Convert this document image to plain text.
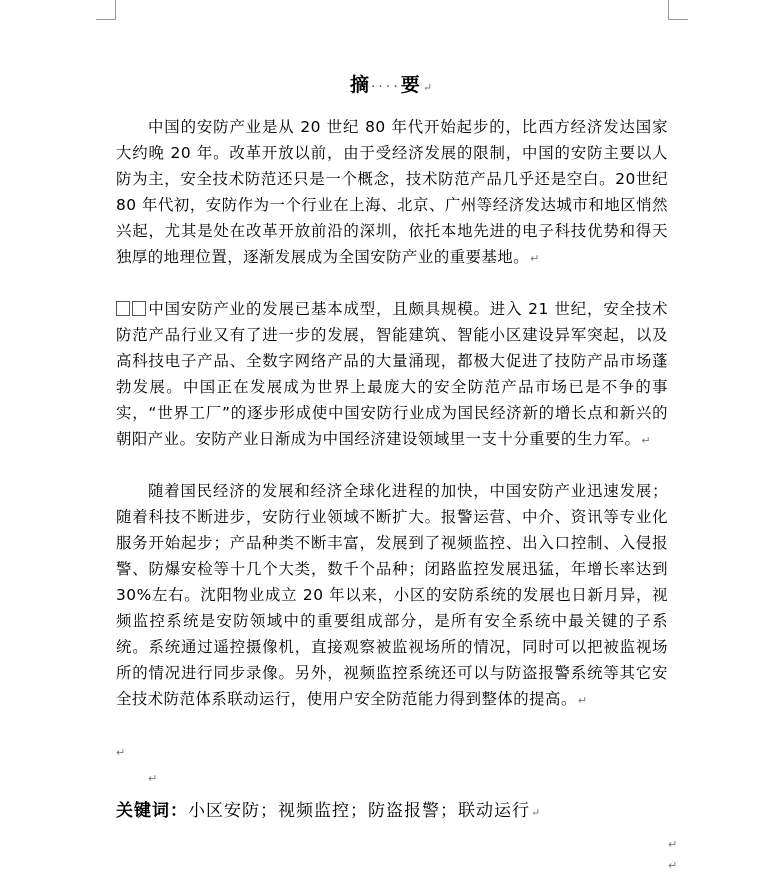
摘····要↵

中国的安防产业是从 20 世纪 80 年代开始起步的，比西方经济发达国家大约晚 20 年。改革开放以前，由于受经济发展的限制，中国的安防主要以人防为主，安全技术防范还只是一个概念，技术防范产品几乎还是空白。20世纪 80 年代初，安防作为一个行业在上海、北京、广州等经济发达城市和地区悄然兴起，尤其是处在改革开放前沿的深圳，依托本地先进的电子科技优势和得天独厚的地理位置，逐渐发展成为全国安防产业的重要基地。↵

中国安防产业的发展已基本成型，且颇具规模。进入 21 世纪，安全技术防范产品行业又有了进一步的发展，智能建筑、智能小区建设异军突起，以及高科技电子产品、全数字网络产品的大量涌现，都极大促进了技防产品市场蓬勃发展。中国正在发展成为世界上最庞大的安全防范产品市场已是不争的事实，“世界工厂”的逐步形成使中国安防行业成为国民经济新的增长点和新兴的朝阳产业。安防产业日渐成为中国经济建设领域里一支十分重要的生力军。↵

随着国民经济的发展和经济全球化进程的加快，中国安防产业迅速发展；随着科技不断进步，安防行业领域不断扩大。报警运营、中介、资讯等专业化服务开始起步；产品种类不断丰富，发展到了视频监控、出入口控制、入侵报警、防爆安检等十几个大类，数千个品种；闭路监控发展迅猛，年增长率达到 30%左右。沈阳物业成立 20 年以来，小区的安防系统的发展也日新月异，视频监控系统是安防领域中的重要组成部分，是所有安全系统中最关键的子系统。系统通过遥控摄像机，直接观察被监视场所的情况，同时可以把被监视场所的情况进行同步录像。另外，视频监控系统还可以与防盗报警系统等其它安全技术防范体系联动运行，使用户安全防范能力得到整体的提高。↵

↵
↵
关键词：小区安防；视频监控；防盗报警；联动运行↵
↵
↵
